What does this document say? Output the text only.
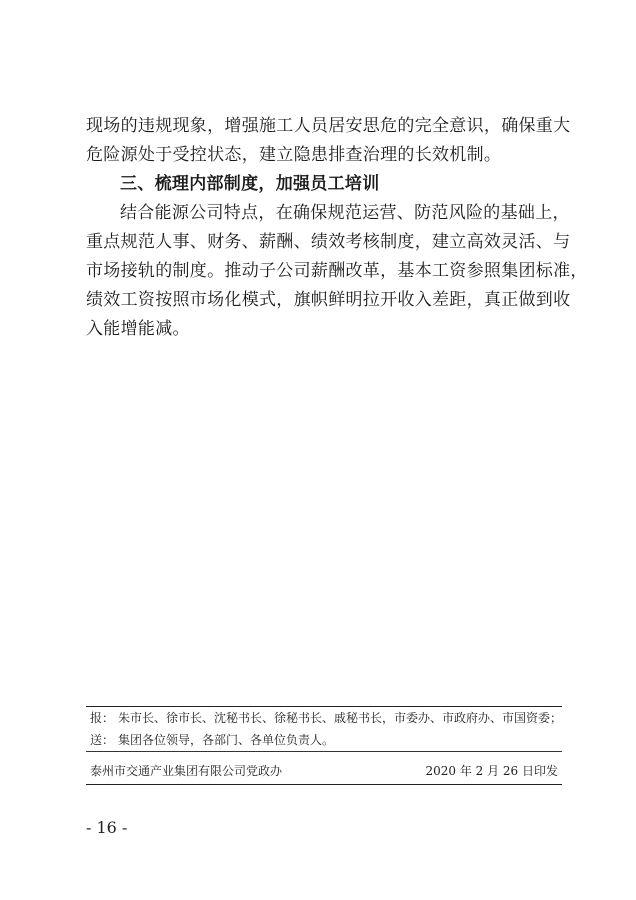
现场的违规现象，增强施工人员居安思危的完全意识，确保重大
危险源处于受控状态，建立隐患排查治理的长效机制。
三、梳理内部制度，加强员工培训
结合能源公司特点，在确保规范运营、防范风险的基础上，
重点规范人事、财务、薪酬、绩效考核制度，建立高效灵活、与
市场接轨的制度。推动子公司薪酬改革，基本工资参照集团标准，
绩效工资按照市场化模式，旗帜鲜明拉开收入差距，真正做到收
入能增能减。
报： 朱市长、徐市长、沈秘书长、徐秘书长、戚秘书长，市委办、市政府办、市国资委；
送： 集团各位领导，各部门、各单位负责人。
泰州市交通产业集团有限公司党政办	2020 年 2 月 26 日印发
- 16 -
